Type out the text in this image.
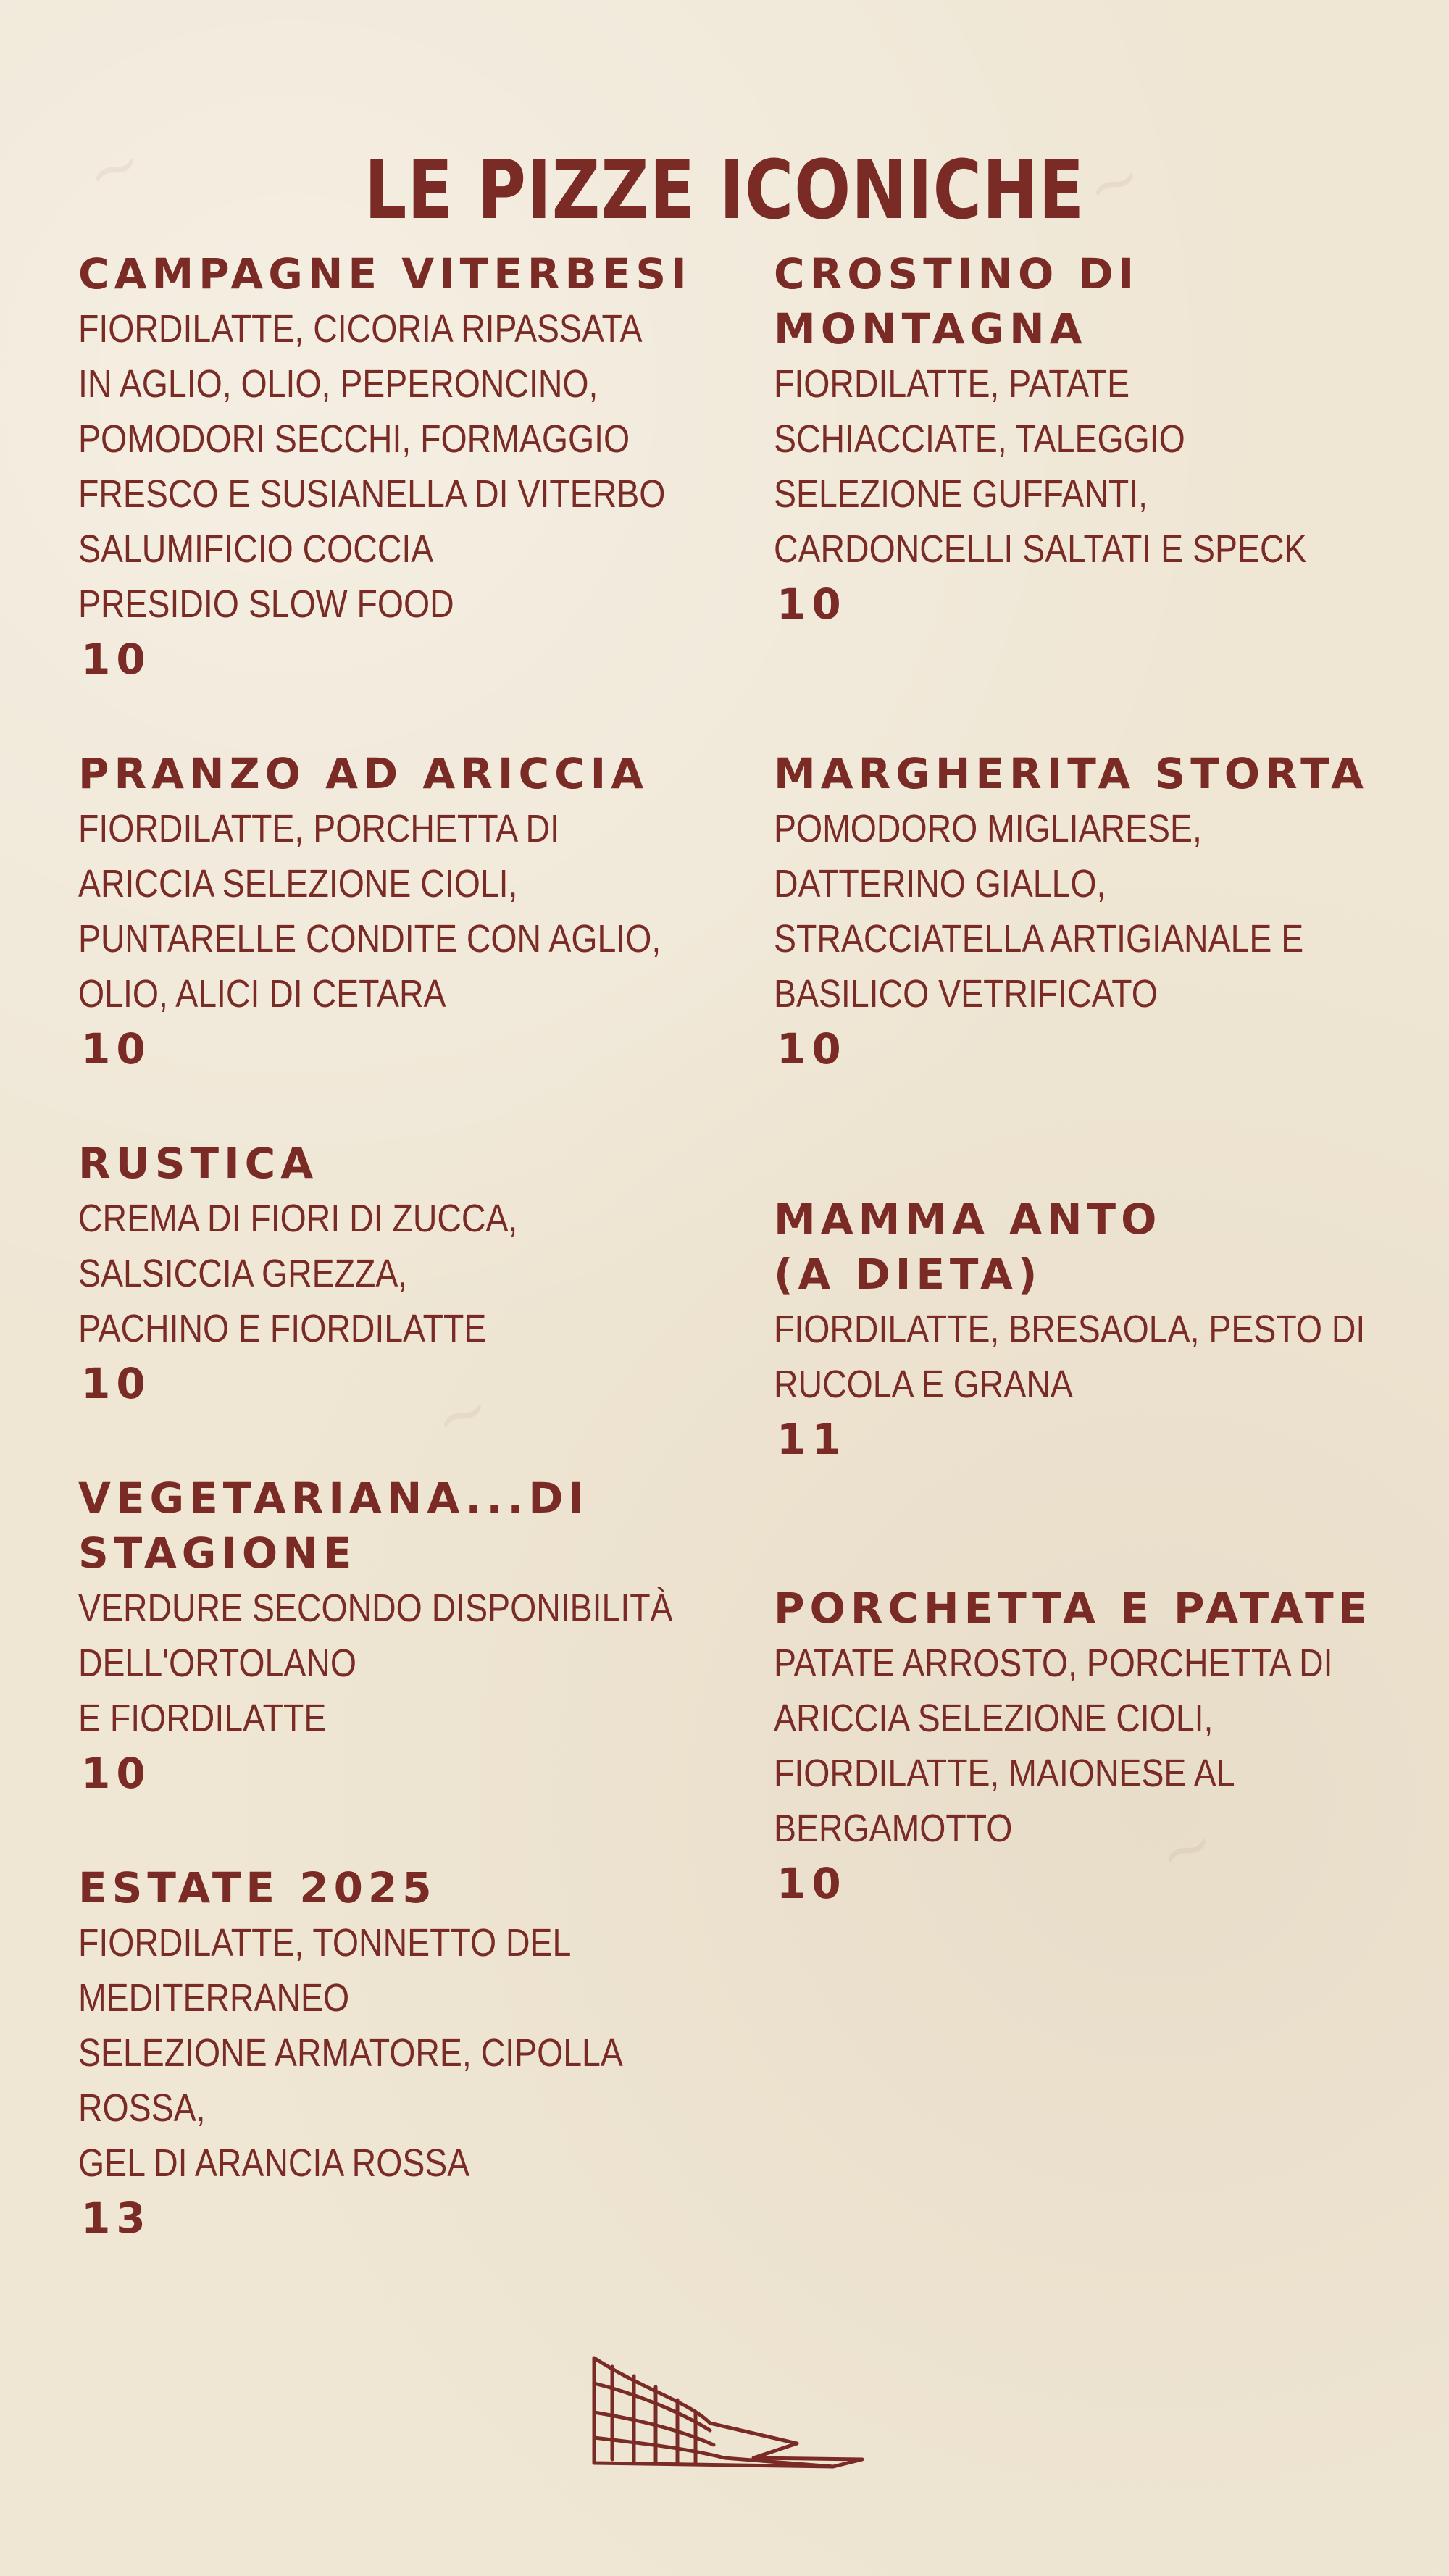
~	~
~
~
LE PIZZE ICONICHE

CAMPAGNE VITERBESI

FIORDILATTE, CICORIA RIPASSATA
IN AGLIO, OLIO, PEPERONCINO,
POMODORI SECCHI, FORMAGGIO
FRESCO E SUSIANELLA DI VITERBO
SALUMIFICIO COCCIA
PRESIDIO SLOW FOOD

10

PRANZO AD ARICCIA

FIORDILATTE, PORCHETTA DI
ARICCIA SELEZIONE CIOLI,
PUNTARELLE CONDITE CON AGLIO,
OLIO, ALICI DI CETARA

10

RUSTICA

CREMA DI FIORI DI ZUCCA,
SALSICCIA GREZZA,
PACHINO E FIORDILATTE

10

VEGETARIANA...DI
STAGIONE

VERDURE SECONDO DISPONIBILITÀ
DELL'ORTOLANO
E FIORDILATTE

10

ESTATE 2025

FIORDILATTE, TONNETTO DEL
MEDITERRANEO
SELEZIONE ARMATORE, CIPOLLA
ROSSA,
GEL DI ARANCIA ROSSA

13

CROSTINO DI
MONTAGNA

FIORDILATTE, PATATE
SCHIACCIATE, TALEGGIO
SELEZIONE GUFFANTI,
CARDONCELLI SALTATI E SPECK

10

MARGHERITA STORTA

POMODORO MIGLIARESE,
DATTERINO GIALLO,
STRACCIATELLA ARTIGIANALE E
BASILICO VETRIFICATO

10

MAMMA ANTO
(A DIETA)

FIORDILATTE, BRESAOLA, PESTO DI
RUCOLA E GRANA

11

PORCHETTA E PATATE

PATATE ARROSTO, PORCHETTA DI
ARICCIA SELEZIONE CIOLI,
FIORDILATTE, MAIONESE AL
BERGAMOTTO

10
